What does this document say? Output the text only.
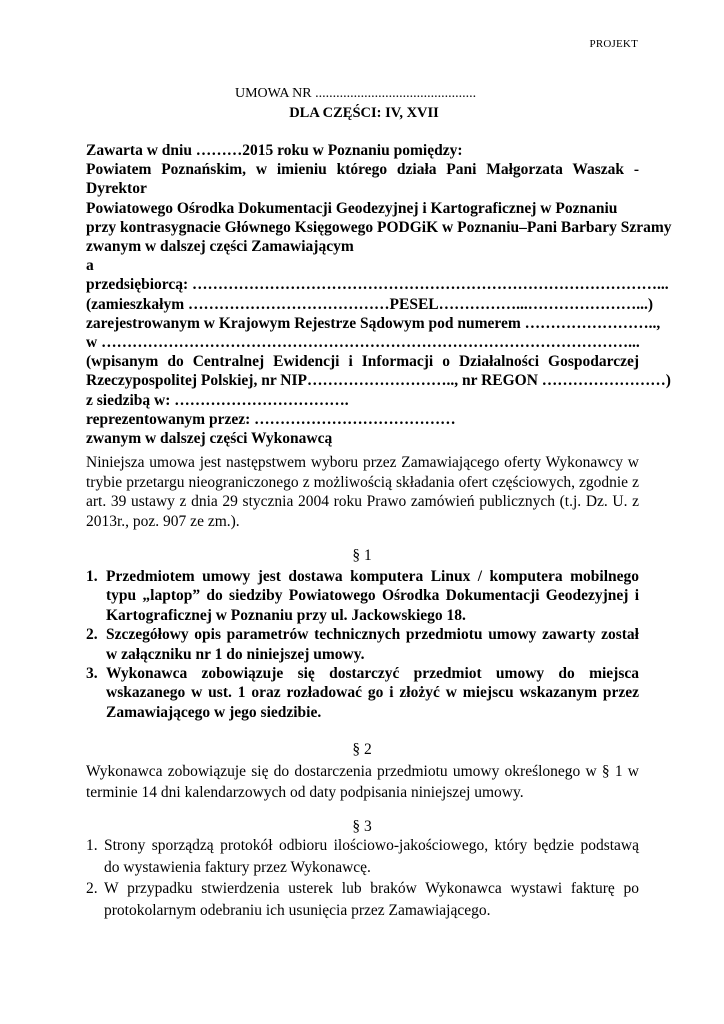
PROJEKT
UMOWA NR ..............................................
DLA CZĘŚCI: IV, XVII
Zawarta w dniu ………2015 roku w Poznaniu pomiędzy:
Powiatem Poznańskim, w imieniu którego działa Pani Małgorzata Waszak - Dyrektor
Powiatowego Ośrodka Dokumentacji Geodezyjnej i Kartograficznej w Poznaniu
przy kontrasygnacie Głównego Księgowego PODGiK w Poznaniu–Pani Barbary Szramy
zwanym w dalszej części Zamawiającym
a
przedsiębiorcą: ………………………………………………………………………………...
(zamieszkałym …………………………………PESEL……………...…………………...)
zarejestrowanym w Krajowym Rejestrze Sądowym pod numerem ……………………..,
w …………………………………………………………………………………………...
(wpisanym do Centralnej Ewidencji i Informacji o Działalności Gospodarczej
Rzeczypospolitej Polskiej, nr NIP……………………….., nr REGON ……………………)
z siedzibą w: …………………………….
reprezentowanym przez: …………………………………
zwanym w dalszej części Wykonawcą
Niniejsza umowa jest następstwem wyboru przez Zamawiającego oferty Wykonawcy w trybie przetargu nieograniczonego z możliwością składania ofert częściowych, zgodnie z art. 39 ustawy z dnia 29 stycznia 2004 roku Prawo zamówień publicznych (t.j. Dz. U. z 2013r., poz. 907 ze zm.).
§ 1
1. Przedmiotem umowy jest dostawa komputera Linux / komputera mobilnego typu „laptop” do siedziby Powiatowego Ośrodka Dokumentacji Geodezyjnej i Kartograficznej w Poznaniu przy ul. Jackowskiego 18.
2. Szczegółowy opis parametrów technicznych przedmiotu umowy zawarty został w załączniku nr 1 do niniejszej umowy.
3. Wykonawca zobowiązuje się dostarczyć przedmiot umowy do miejsca wskazanego w ust. 1 oraz rozładować go i złożyć w miejscu wskazanym przez Zamawiającego w jego siedzibie.
§ 2
Wykonawca zobowiązuje się do dostarczenia przedmiotu umowy określonego w § 1 w terminie 14 dni kalendarzowych od daty podpisania niniejszej umowy.
§ 3
1. Strony sporządzą protokół odbioru ilościowo-jakościowego, który będzie podstawą do wystawienia faktury przez Wykonawcę.
2. W przypadku stwierdzenia usterek lub braków Wykonawca wystawi fakturę po protokolarnym odebraniu ich usunięcia przez Zamawiającego.
